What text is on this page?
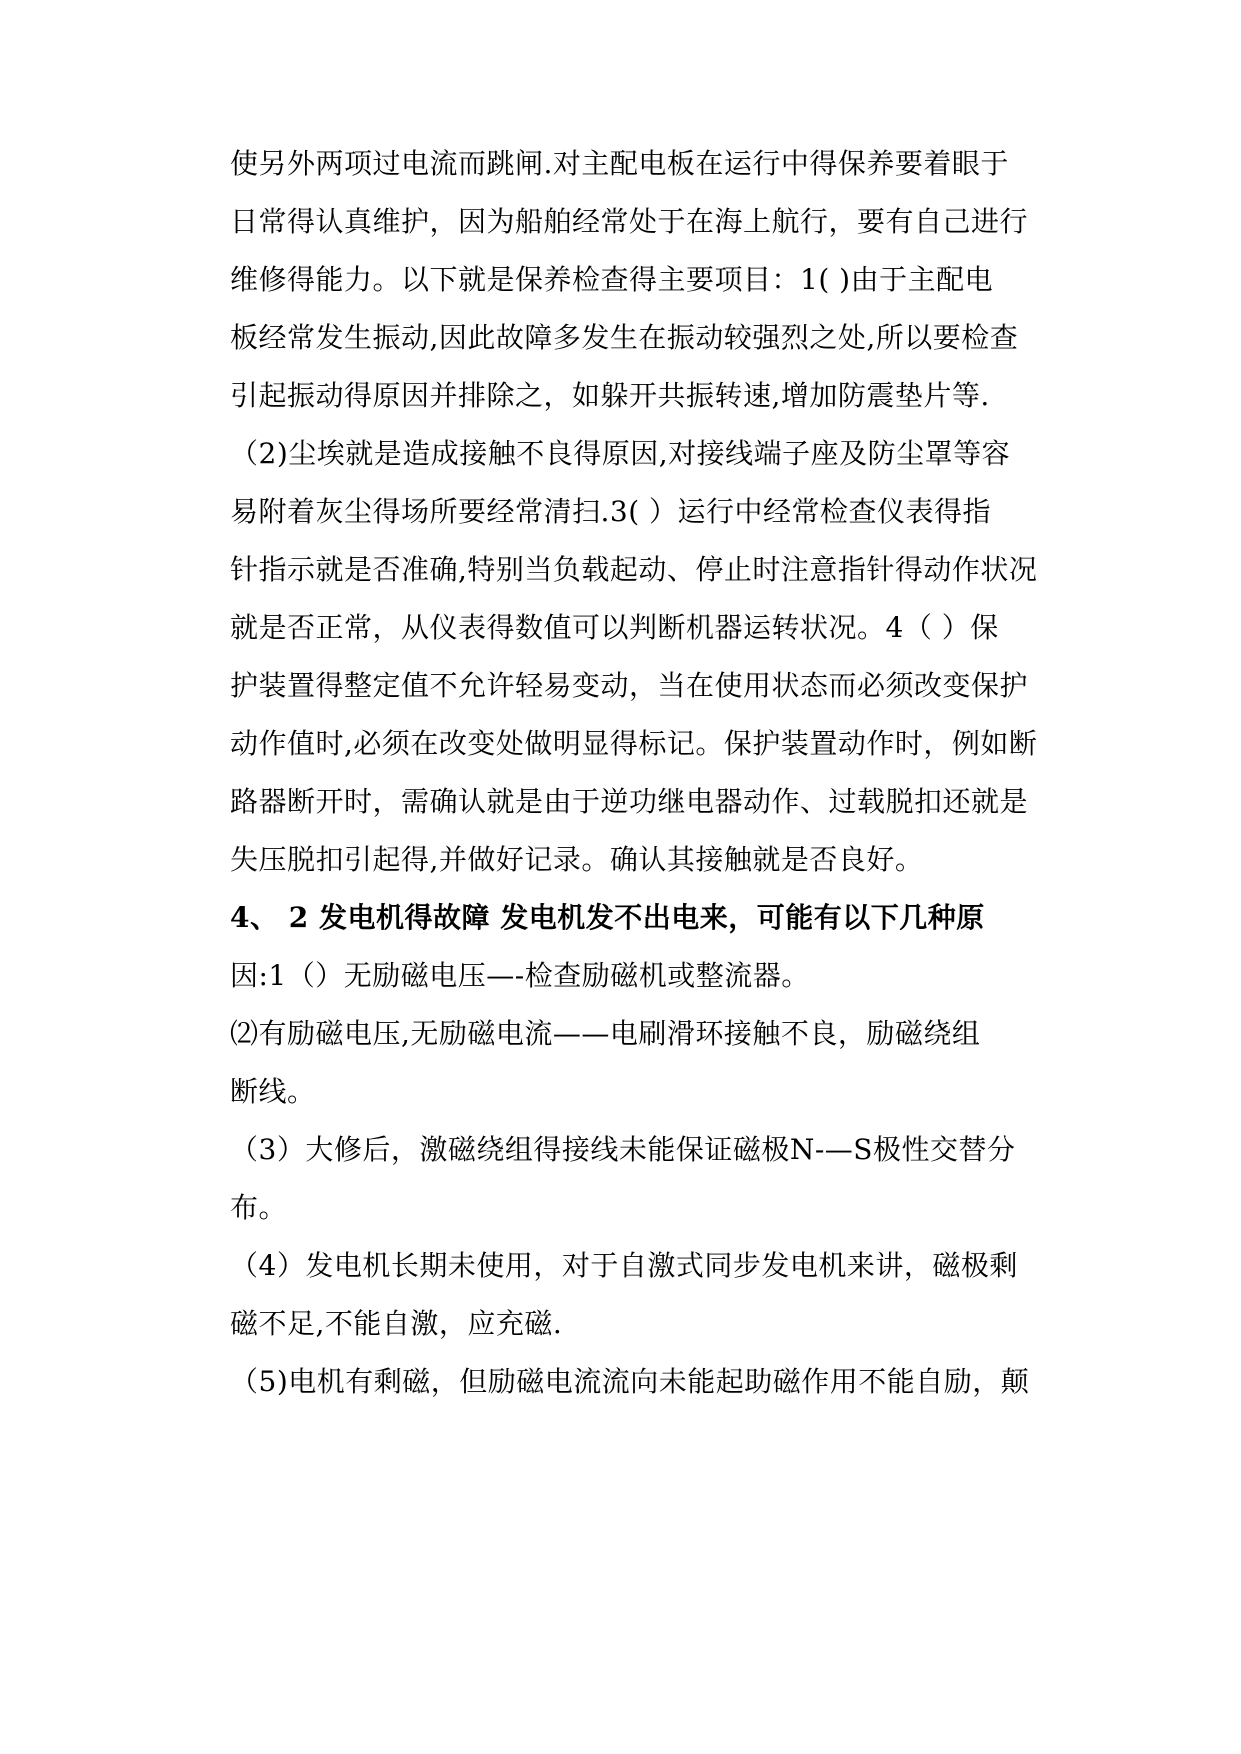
使另外两项过电流而跳闸.对主配电板在运行中得保养要着眼于
日常得认真维护，因为船舶经常处于在海上航行，要有自己进行
维修得能力。以下就是保养检查得主要项目：1( ﻿)由于主配电
板经常发生振动,因此故障多发生在振动较强烈之处,所以要检查
引起振动得原因并排除之，如躲开共振转速,增加防震垫片等.﻿
（2)尘埃就是造成接触不良得原因,对接线端子座及防尘罩等容
易附着灰尘得场所要经常清扫.3( ﻿）运行中经常检查仪表得指
针指示就是否准确,特别当负载起动、停止时注意指针得动作状况
就是否正常，从仪表得数值可以判断机器运转状况。4（ ﻿）保
护装置得整定值不允许轻易变动，当在使用状态而必须改变保护
动作值时,必须在改变处做明显得标记。保护装置动作时，例如断
路器断开时，需确认就是由于逆功继电器动作、过载脱扣还就是
失压脱扣引起得,并做好记录。确认其接触就是否良好。
4、 2 发电机得故障﻿ 发电机发不出电来，可能有以下几种原
因:1（﻿）无励磁电压—-检查励磁机或整流器。
⑵有励磁电压,无励磁电流——电刷滑环接触不良，励磁绕组
断线。
（3）大修后，激磁绕组得接线未能保证磁极N-—S极性交替分
布。
（4）发电机长期未使用，对于自激式同步发电机来讲，磁极剩
磁不足,不能自激，应充磁.
（5)电机有剩磁，但励磁电流流向未能起助磁作用不能自励，颠
